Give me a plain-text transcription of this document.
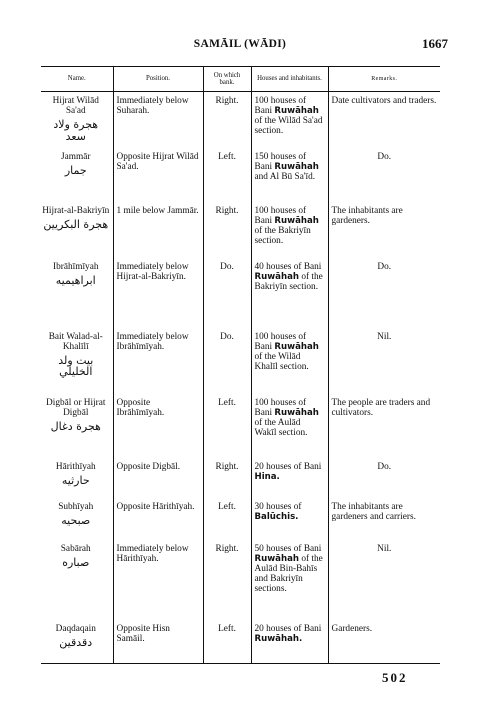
SAMĀIL (WĀDI)	1667
Name.	Position.	On which bank.	Houses and inhabitants.	Remarks.

Hijrat Wilād Sa'ad
هجرة ولاد سعد	Immediately below Suharah.	Right.	100 houses of Bani Ruwāhah of the Wilād Sa'ad section.	Date cultivators and traders.

Jammār
جمار	Opposite Hijrat Wilād Sa'ad.	Left.	150 houses of Bani Ruwāhah and Al Bū Sa'īd.	Do.

Hijrat-al-Bakriyīn
هجرة البكريين	1 mile below Jammār.	Right.	100 houses of Bani Ruwāhah of the Bakriyīn section.	The inhabitants are gardeners.

Ibrāhīmīyah
ابراهيميه	Immediately below Hijrat-al-Bakriyīn.	Do.	40 houses of Bani Ruwāhah of the Bakriyīn section.	Do.

Bait Walad-al-Khalīlī
بيت ولد الخليلي	Immediately below Ibrāhīmīyah.	Do.	100 houses of Bani Ruwāhah of the Wilād Khalīl section.	Nil.

Digbāl or Hijrat Digbāl
هجرة دغال	Opposite Ibrāhīmīyah.	Left.	100 houses of Bani Ruwāhah of the Aulād Wakīl section.	The people are traders and cultivators.

Hārithīyah
حارثيه	Opposite Digbāl.	Right.	20 houses of Bani Hina.	Do.

Subhīyah
صبحيه	Opposite Hārithīyah.	Left.	30 houses of Balūchis.	The inhabitants are gardeners and carriers.

Sabārah
صباره	Immediately below Hārithīyah.	Right.	50 houses of Bani Ruwāhah of the Aulād Bin-Bahīs and Bakriyīn sections.	Nil.

Daqdaqain
دقدقين	Opposite Hisn Samāil.	Left.	20 houses of Bani Ruwāhah.	Gardeners.
502
